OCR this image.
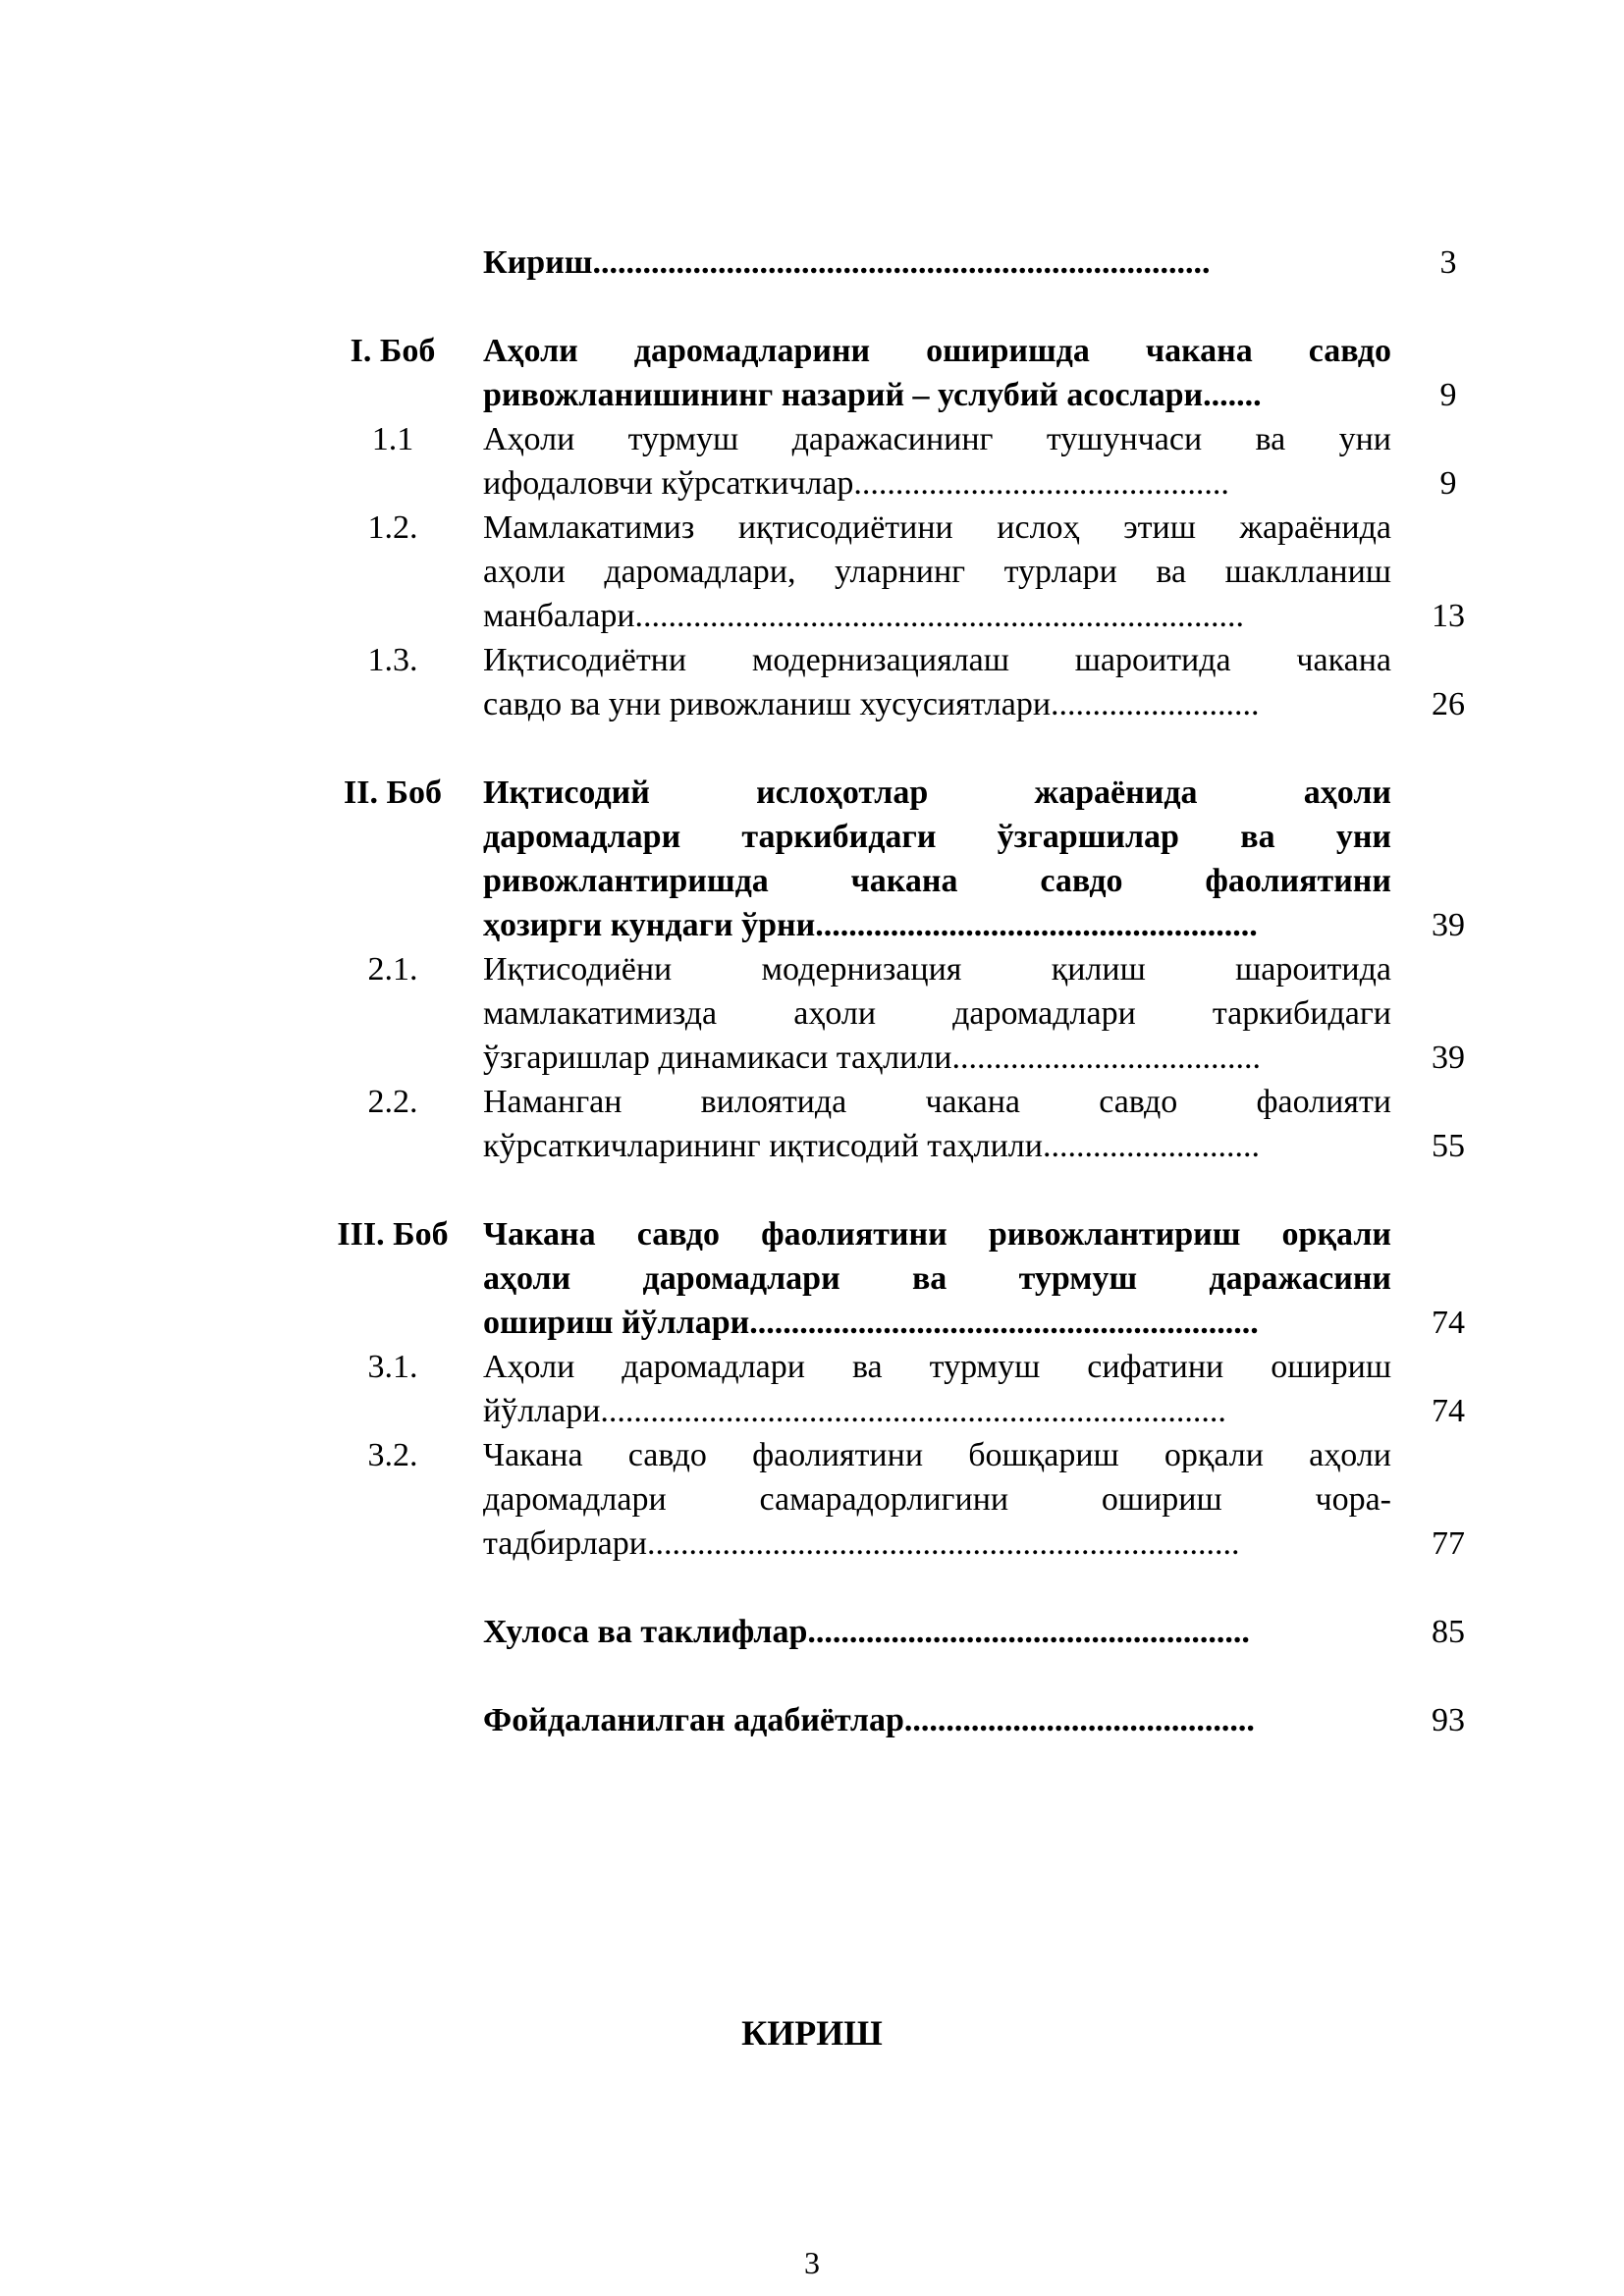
Кириш..........................................................................	3
I. Боб	Аҳоли даромадларини оширишда чакана савдо
ривожланишининг назарий – услубий асослари.......	9
1.1	Аҳоли турмуш даражасининг тушунчаси ва уни
ифодаловчи кўрсаткичлар.............................................	9
1.2.	Мамлакатимиз иқтисодиётини ислоҳ этиш жараёнида
аҳоли даромадлари, уларнинг турлари ва шаклланиш
манбалари.........................................................................	13
1.3.	Иқтисодиётни модернизациялаш шароитида чакана
савдо ва уни ривожланиш хусусиятлари.........................	26
II. Боб	Иқтисодий ислоҳотлар жараёнида аҳоли
даромадлари таркибидаги ўзгаршилар ва уни
ривожлантиришда чакана савдо фаолиятини
ҳозирги кундаги ўрни.....................................................	39
2.1.	Иқтисодиёни модернизация қилиш шароитида
мамлакатимизда аҳоли даромадлари таркибидаги
ўзгаришлар динамикаси таҳлили.....................................	39
2.2.	Наманган вилоятида чакана савдо фаолияти
кўрсаткичларининг иқтисодий таҳлили..........................	55
III. Боб	Чакана савдо фаолиятини ривожлантириш орқали
аҳоли даромадлари ва турмуш даражасини
ошириш йўллари.............................................................	74
3.1.	Аҳоли даромадлари ва турмуш сифатини ошириш
йўллари...........................................................................	74
3.2.	Чакана савдо фаолиятини бошқариш орқали аҳоли
даромадлари самарадорлигини ошириш чора-
тадбирлари.......................................................................	77
Хулоса ва таклифлар.....................................................	85
Фойдаланилган адабиётлар..........................................	93
КИРИШ
3
